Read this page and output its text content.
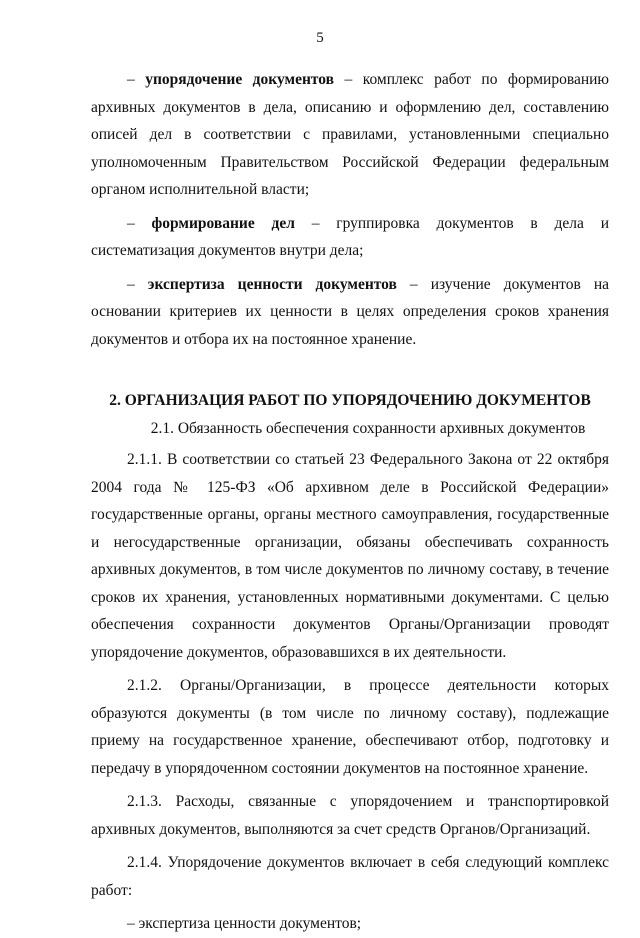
5

– упорядочение документов – комплекс работ по формированию архивных документов в дела, описанию и оформлению дел, составлению описей дел в соответствии с правилами, установленными специально уполномоченным Правительством Российской Федерации федеральным органом исполнительной власти;

– формирование дел – группировка документов в дела и систематизация документов внутри дела;

– экспертиза ценности документов – изучение документов на основании критериев их ценности в целях определения сроков хранения документов и отбора их на постоянное хранение.

2. ОРГАНИЗАЦИЯ РАБОТ ПО УПОРЯДОЧЕНИЮ ДОКУМЕНТОВ
2.1. Обязанность обеспечения сохранности архивных документов

2.1.1. В соответствии со статьей 23 Федерального Закона от 22 октября 2004 года № 125-ФЗ «Об архивном деле в Российской Федерации» государственные органы, органы местного самоуправления, государственные и негосударственные организации, обязаны обеспечивать сохранность архивных документов, в том числе документов по личному составу, в течение сроков их хранения, установленных нормативными документами. С целью обеспечения сохранности документов Органы/Организации проводят упорядочение документов, образовавшихся в их деятельности.

2.1.2. Органы/Организации, в процессе деятельности которых образуются документы (в том числе по личному составу), подлежащие приему на государственное хранение, обеспечивают отбор, подготовку и передачу в упорядоченном состоянии документов на постоянное хранение.

2.1.3. Расходы, связанные с упорядочением и транспортировкой архивных документов, выполняются за счет средств Органов/Организаций.

2.1.4. Упорядочение документов включает в себя следующий комплекс работ:

– экспертиза ценности документов;
